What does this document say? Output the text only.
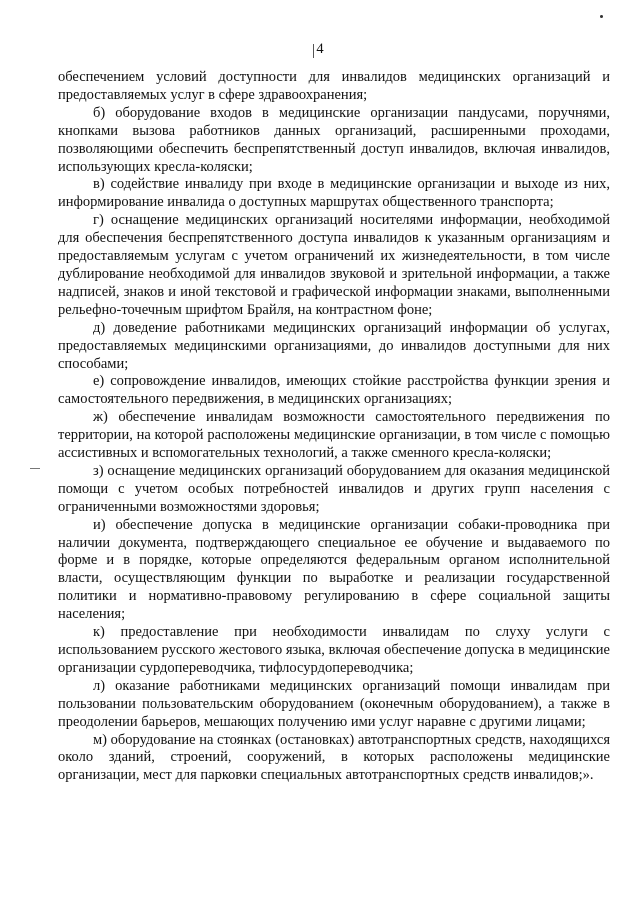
4

обеспечением условий доступности для инвалидов медицинских организаций и предоставляемых услуг в сфере здравоохранения;

б) оборудование входов в медицинские организации пандусами, поручнями, кнопками вызова работников данных организаций, расширенными проходами, позволяющими обеспечить беспрепятственный доступ инвалидов, включая инвалидов, использующих кресла-коляски;

в) содействие инвалиду при входе в медицинские организации и выходе из них, информирование инвалида о доступных маршрутах общественного транспорта;

г) оснащение медицинских организаций носителями информации, необходимой для обеспечения беспрепятственного доступа инвалидов к указанным организациям и предоставляемым услугам с учетом ограничений их жизнедеятельности, в том числе дублирование необходимой для инвалидов звуковой и зрительной информации, а также надписей, знаков и иной текстовой и графической информации знаками, выполненными рельефно-точечным шрифтом Брайля, на контрастном фоне;

д) доведение работниками медицинских организаций информации об услугах, предоставляемых медицинскими организациями, до инвалидов доступными для них способами;

е) сопровождение инвалидов, имеющих стойкие расстройства функции зрения и самостоятельного передвижения, в медицинских организациях;

ж) обеспечение инвалидам возможности самостоятельного передвижения по территории, на которой расположены медицинские организации, в том числе с помощью ассистивных и вспомогательных технологий, а также сменного кресла-коляски;

з) оснащение медицинских организаций оборудованием для оказания медицинской помощи с учетом особых потребностей инвалидов и других групп населения с ограниченными возможностями здоровья;

и) обеспечение допуска в медицинские организации собаки-проводника при наличии документа, подтверждающего специальное ее обучение и выдаваемого по форме и в порядке, которые определяются федеральным органом исполнительной власти, осуществляющим функции по выработке и реализации государственной политики и нормативно-правовому регулированию в сфере социальной защиты населения;

к) предоставление при необходимости инвалидам по слуху услуги с использованием русского жестового языка, включая обеспечение допуска в медицинские организации сурдопереводчика, тифлосурдопереводчика;

л) оказание работниками медицинских организаций помощи инвалидам при пользовании пользовательским оборудованием (оконечным оборудованием), а также в преодолении барьеров, мешающих получению ими услуг наравне с другими лицами;

м) оборудование на стоянках (остановках) автотранспортных средств, находящихся около зданий, строений, сооружений, в которых расположены медицинские организации, мест для парковки специальных автотранспортных средств инвалидов;».
